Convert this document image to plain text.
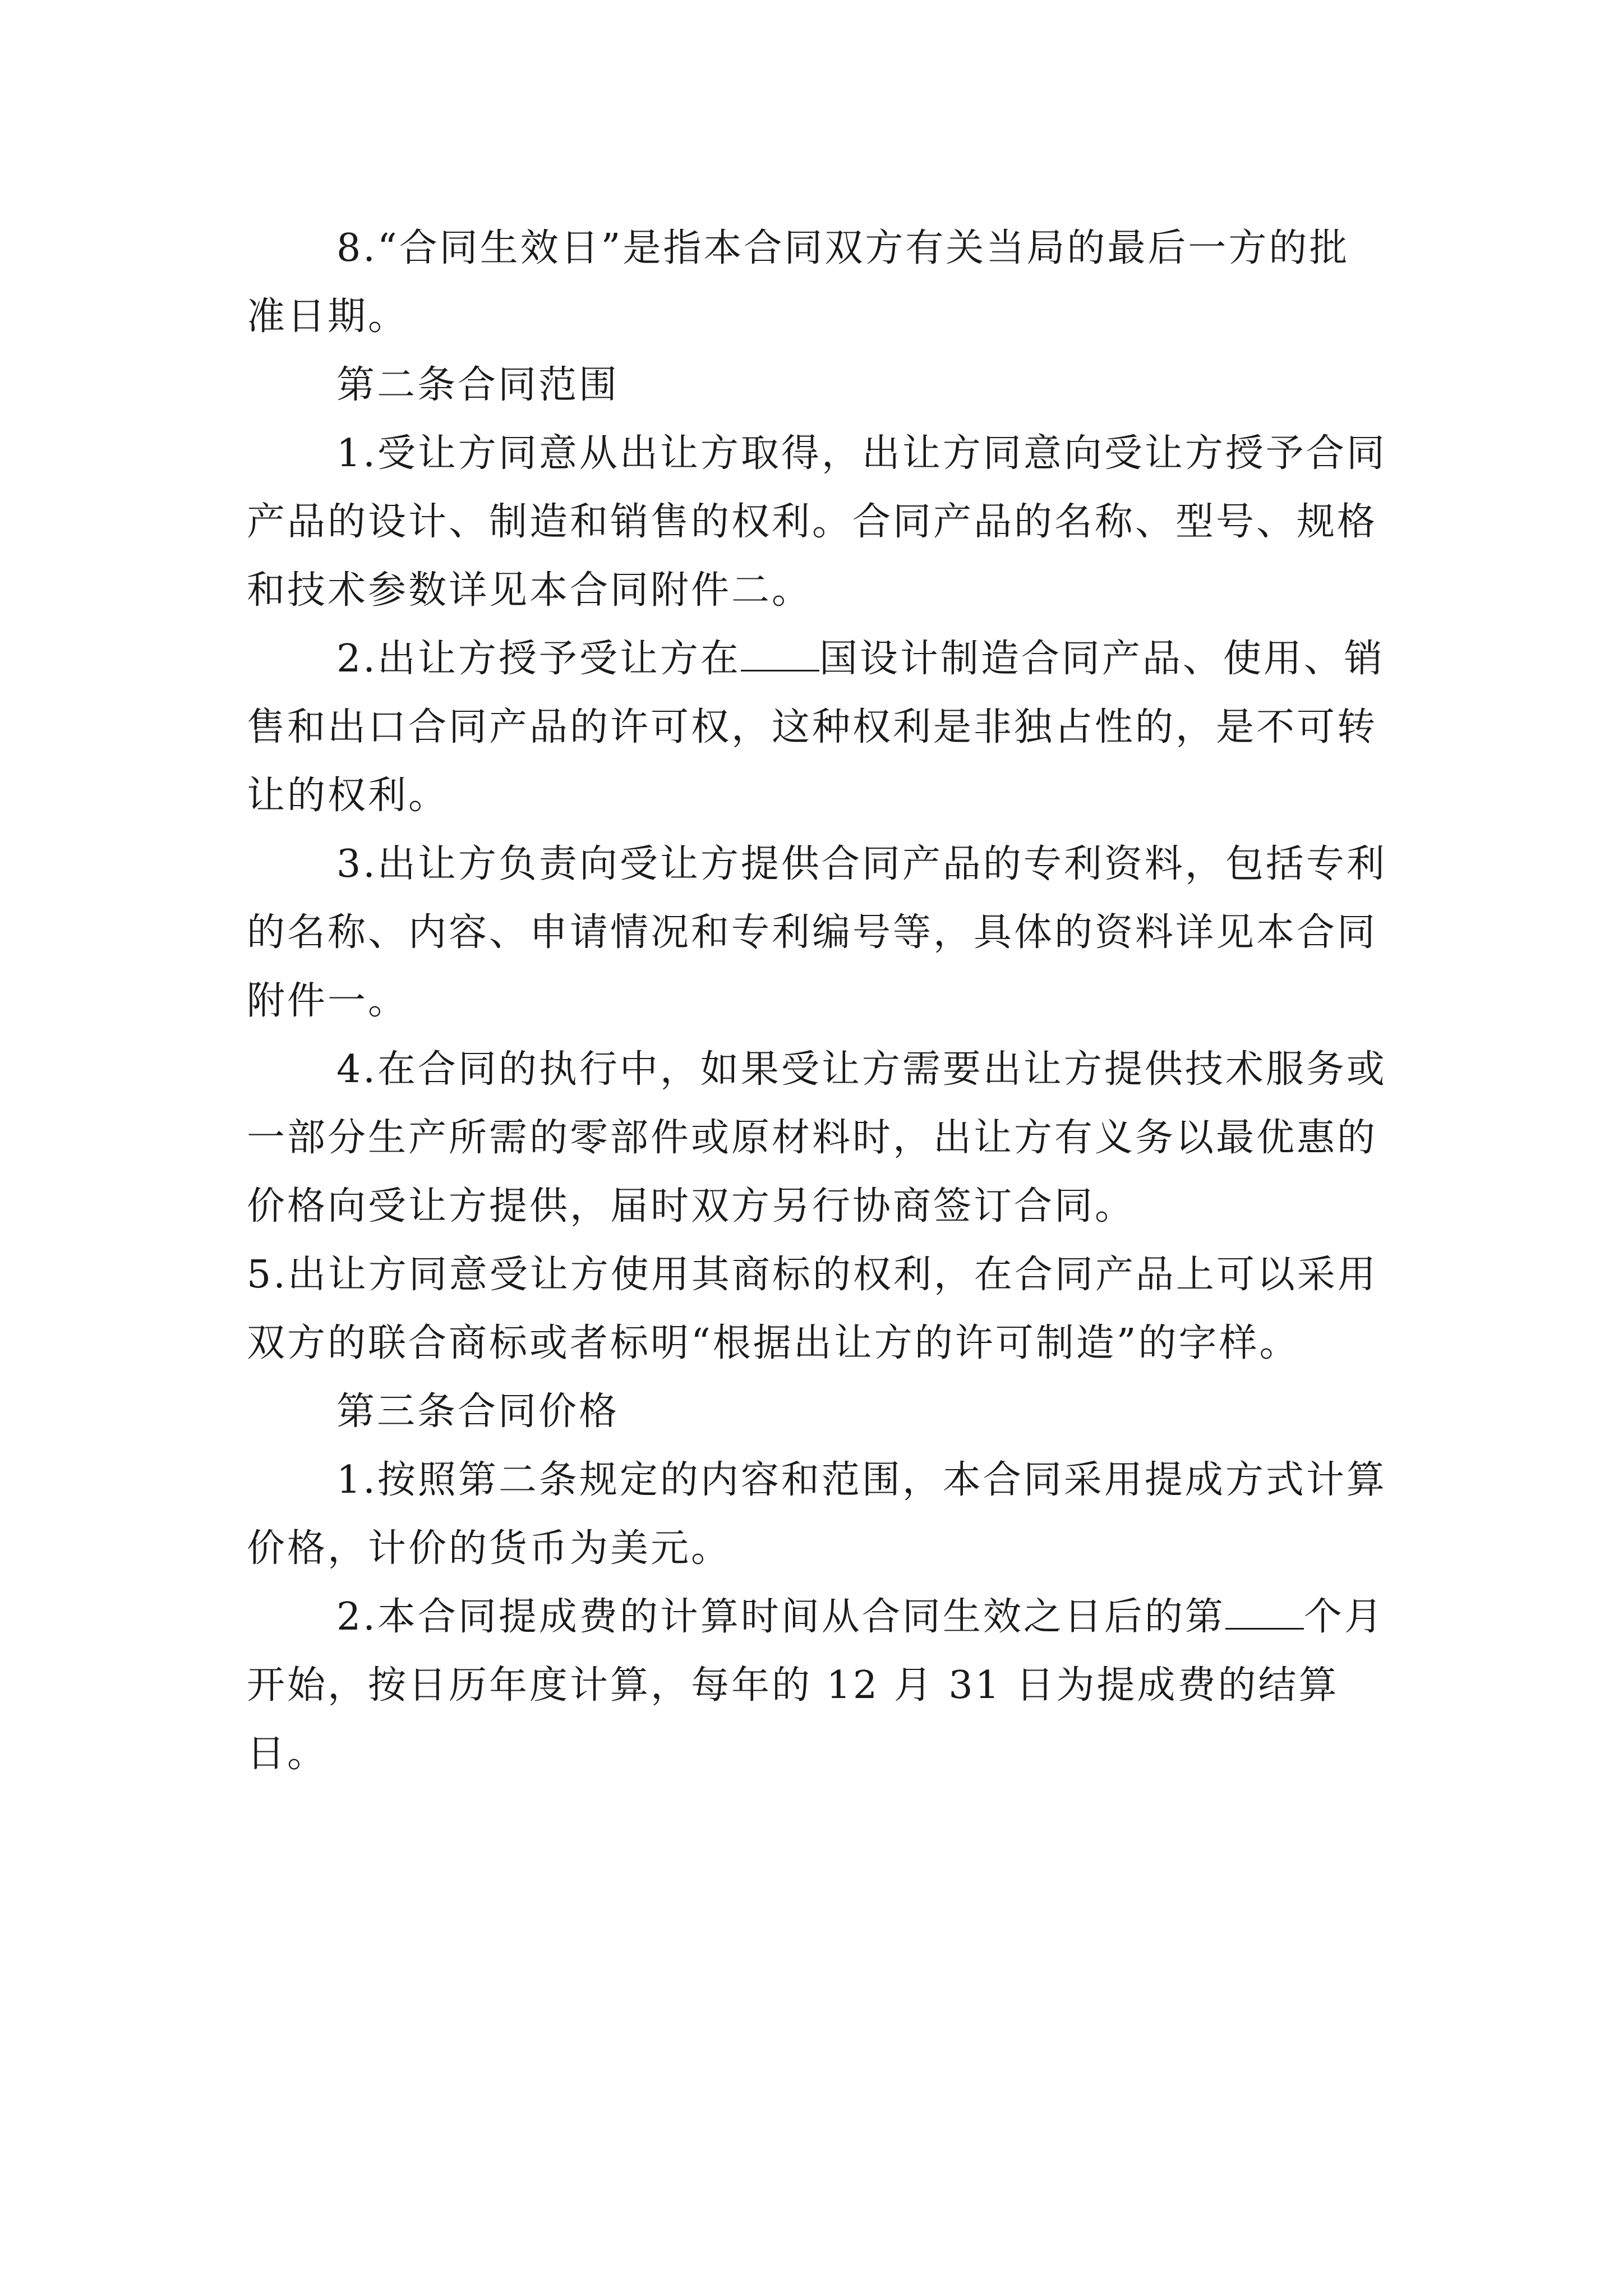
8.“合同生效日”是指本合同双方有关当局的最后一方的批准日期。

第二条合同范围

1.受让方同意从出让方取得，出让方同意向受让方授予合同产品的设计、制造和销售的权利。合同产品的名称、型号、规格和技术参数详见本合同附件二。

2.出让方授予受让方在 国设计制造合同产品、使用、销售和出口合同产品的许可权，这种权利是非独占性的，是不可转让的权利。

3.出让方负责向受让方提供合同产品的专利资料，包括专利的名称、内容、申请情况和专利编号等，具体的资料详见本合同附件一。

4.在合同的执行中，如果受让方需要出让方提供技术服务或一部分生产所需的零部件或原材料时，出让方有义务以最优惠的价格向受让方提供，届时双方另行协商签订合同。

5.出让方同意受让方使用其商标的权利，在合同产品上可以采用双方的联合商标或者标明“根据出让方的许可制造”的字样。

第三条合同价格

1.按照第二条规定的内容和范围，本合同采用提成方式计算价格，计价的货币为美元。

2.本合同提成费的计算时间从合同生效之日后的第 个月开始，按日历年度计算，每年的 12 月 31 日为提成费的结算日。
